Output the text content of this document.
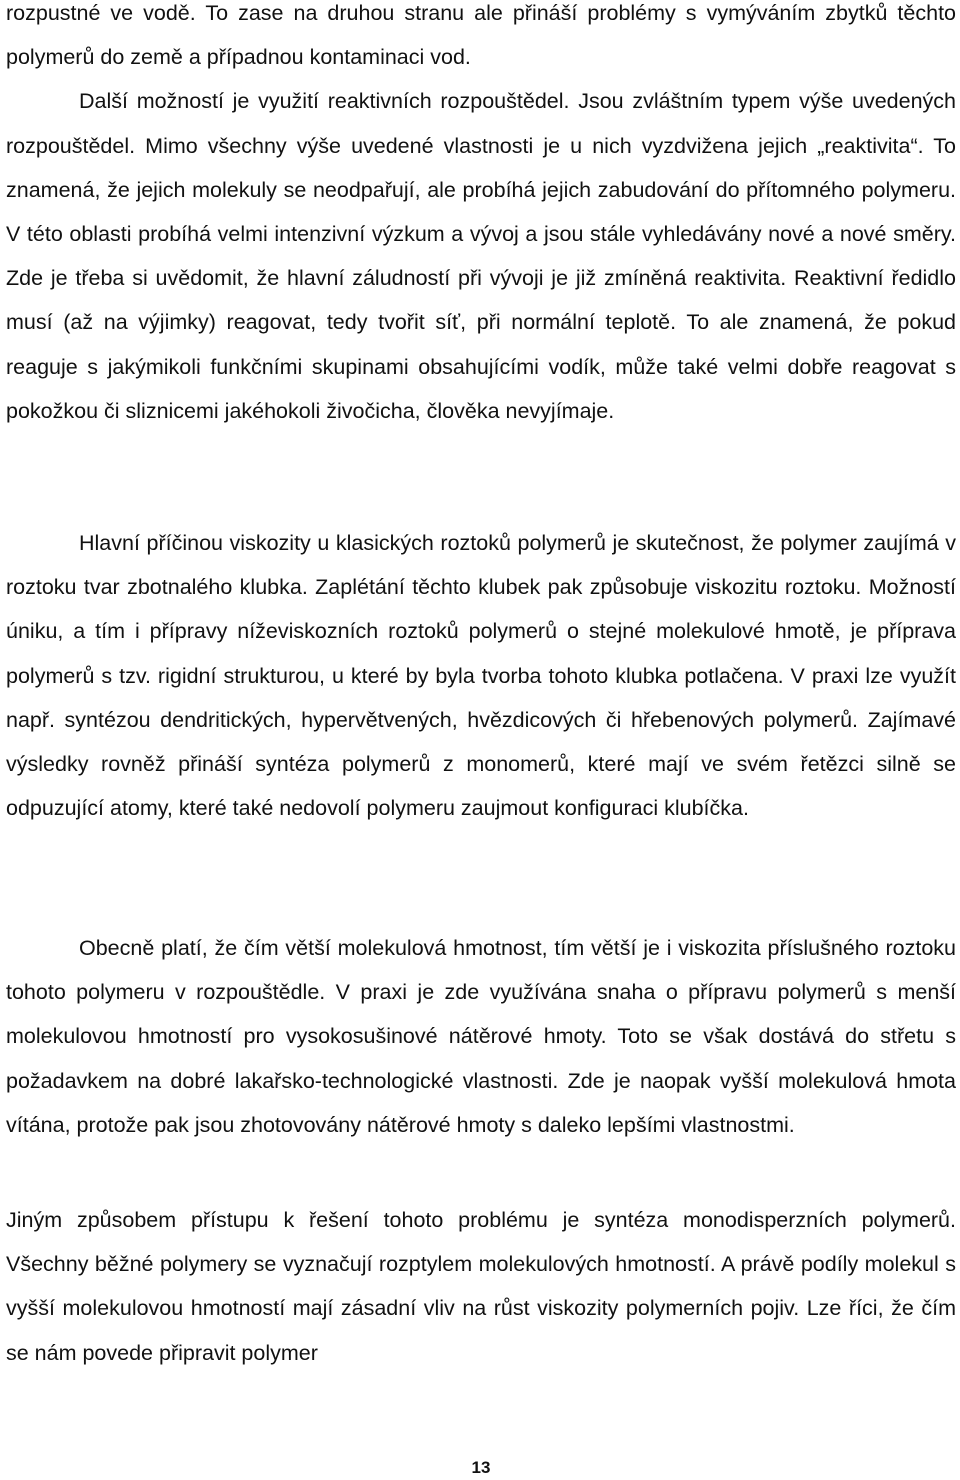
rozpustné ve vodě. To zase na druhou stranu ale přináší problémy s vymýváním zbytků těchto polymerů do země a případnou kontaminaci vod.
Další možností je využití reaktivních rozpouštědel. Jsou zvláštním typem výše uvedených rozpouštědel. Mimo všechny výše uvedené vlastnosti je u nich vyzdvižena jejich „reaktivita“. To znamená, že jejich molekuly se neodpařují, ale probíhá jejich zabudování do přítomného polymeru. V této oblasti probíhá velmi intenzivní výzkum a vývoj a jsou stále vyhledávány nové a nové směry. Zde je třeba si uvědomit, že hlavní záludností při vývoji je již zmíněná reaktivita. Reaktivní ředidlo musí (až na výjimky) reagovat, tedy tvořit síť, při normální teplotě. To ale znamená, že pokud reaguje s jakýmikoli funkčními skupinami obsahujícími vodík, může také velmi dobře reagovat s pokožkou či sliznicemi jakéhokoli živočicha, člověka nevyjímaje.

Hlavní příčinou viskozity u klasických roztoků polymerů je skutečnost, že polymer zaujímá v roztoku tvar zbotnalého klubka. Zaplétání těchto klubek pak způsobuje viskozitu roztoku. Možností úniku, a tím i přípravy níževiskozních roztoků polymerů o stejné molekulové hmotě, je příprava polymerů s tzv. rigidní strukturou, u které by byla tvorba tohoto klubka potlačena. V praxi lze využít např. syntézou dendritických, hypervětvených, hvězdicových či hřebenových polymerů. Zajímavé výsledky rovněž přináší syntéza polymerů z monomerů, které mají ve svém řetězci silně se odpuzující atomy, které také nedovolí polymeru zaujmout konfiguraci klubíčka.

Obecně platí, že čím větší molekulová hmotnost, tím větší je i viskozita příslušného roztoku tohoto polymeru v rozpouštědle. V praxi je zde využívána snaha o přípravu polymerů s menší molekulovou hmotností pro vysokosušinové nátěrové hmoty. Toto se však dostává do střetu s požadavkem na dobré lakařsko-technologické vlastnosti. Zde je naopak vyšší molekulová hmota vítána, protože pak jsou zhotovovány nátěrové hmoty s daleko lepšími vlastnostmi.

Jiným způsobem přístupu k řešení tohoto problému je syntéza monodisperzních polymerů. Všechny běžné polymery se vyznačují rozptylem molekulových hmotností. A právě podíly molekul s vyšší molekulovou hmotností mají zásadní vliv na růst viskozity polymerních pojiv. Lze říci, že čím se nám povede připravit polymer

13
